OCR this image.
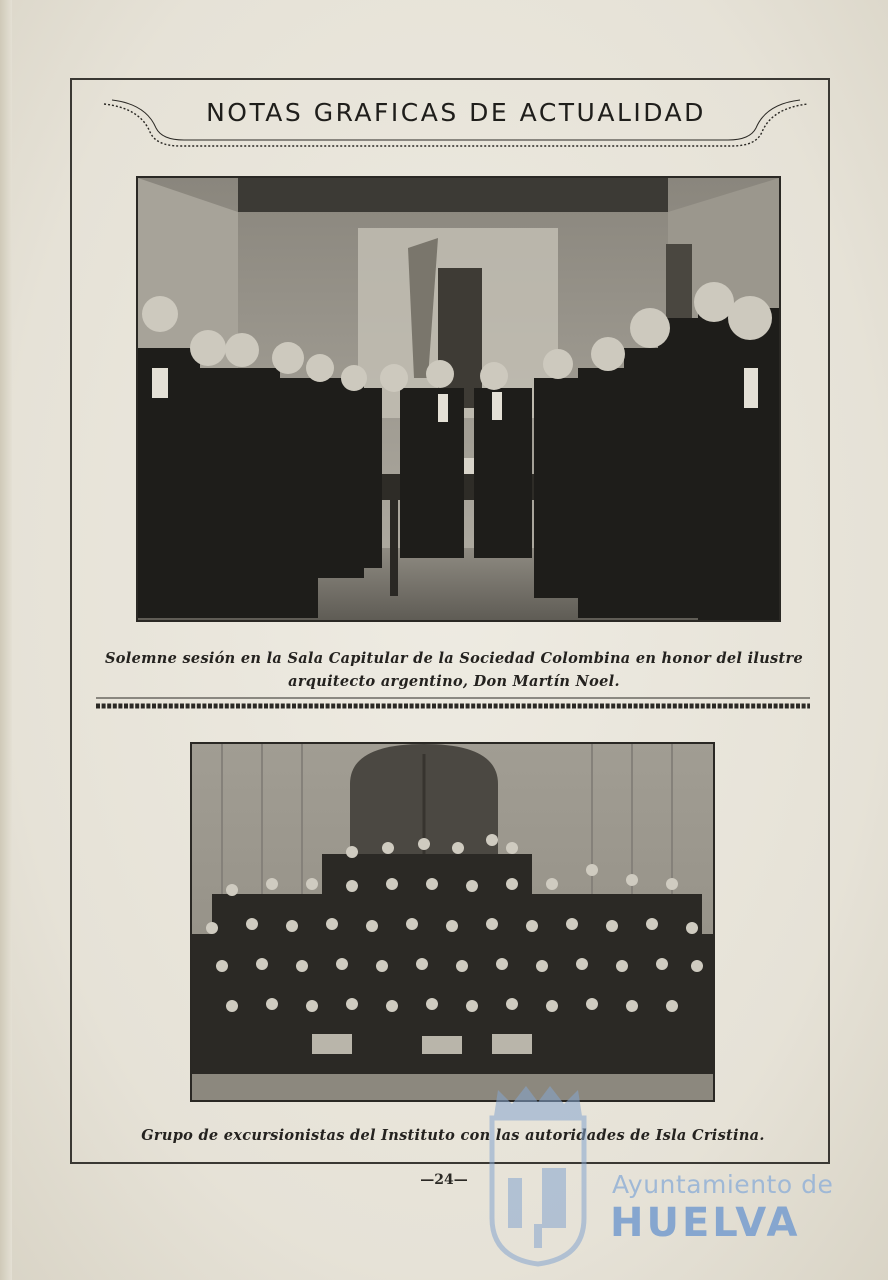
NOTAS GRAFICAS DE ACTUALIDAD
Solemne sesión en la Sala Capitular de la Sociedad Colombina en honor del ilustre arquitecto argentino, Don Martín Noel.
Grupo de excursionistas del Instituto con las autoridades de Isla Cristina.
—24—	Ayuntamiento de
HUELVA
